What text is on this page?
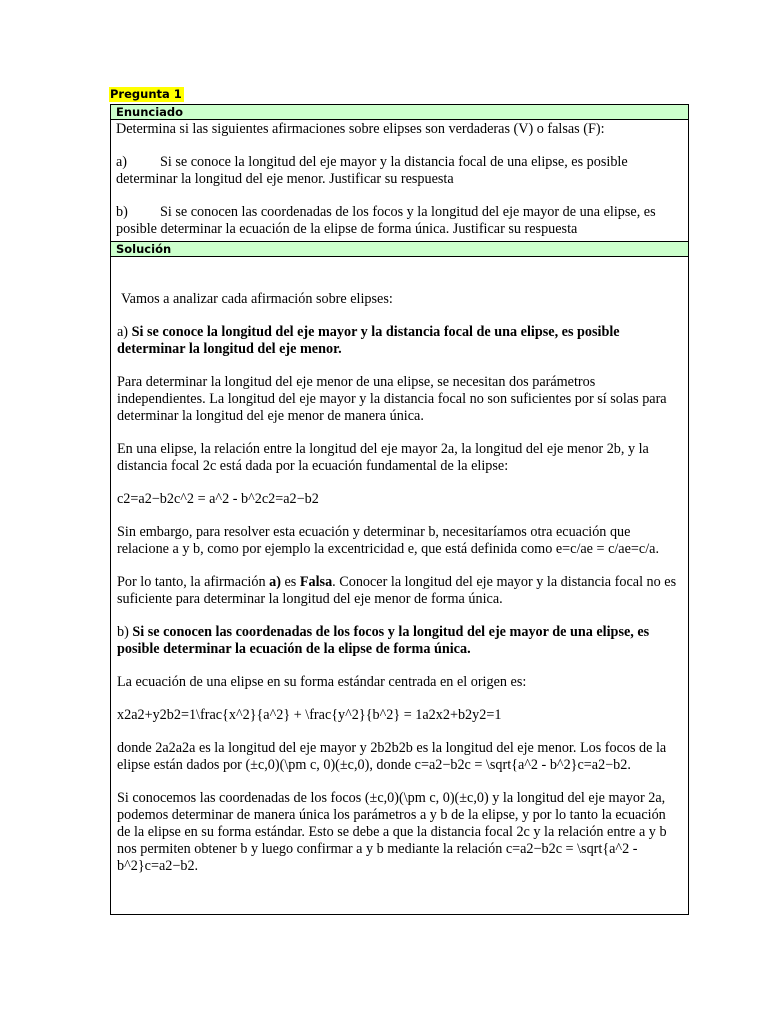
Pregunta 1
Enunciado

Determina si las siguientes afirmaciones sobre elipses son verdaderas (V) o falsas (F):

a) Si se conoce la longitud del eje mayor y la distancia focal de una elipse, es posible determinar la longitud del eje menor. Justificar su respuesta

b) Si se conocen las coordenadas de los focos y la longitud del eje mayor de una elipse, es posible determinar la ecuación de la elipse de forma única. Justificar su respuesta

Solución

Vamos a analizar cada afirmación sobre elipses:

a) Si se conoce la longitud del eje mayor y la distancia focal de una elipse, es posible determinar la longitud del eje menor.

Para determinar la longitud del eje menor de una elipse, se necesitan dos parámetros independientes. La longitud del eje mayor y la distancia focal no son suficientes por sí solas para determinar la longitud del eje menor de manera única.

En una elipse, la relación entre la longitud del eje mayor 2a, la longitud del eje menor 2b, y la distancia focal 2c está dada por la ecuación fundamental de la elipse:

c2=a2−b2c^2 = a^2 - b^2c2=a2−b2

Sin embargo, para resolver esta ecuación y determinar b, necesitaríamos otra ecuación que relacione a y b, como por ejemplo la excentricidad e, que está definida como e=c/ae = c/ae=c/a.

Por lo tanto, la afirmación a) es Falsa. Conocer la longitud del eje mayor y la distancia focal no es suficiente para determinar la longitud del eje menor de forma única.

b) Si se conocen las coordenadas de los focos y la longitud del eje mayor de una elipse, es posible determinar la ecuación de la elipse de forma única.

La ecuación de una elipse en su forma estándar centrada en el origen es:

x2a2+y2b2=1\frac{x^2}{a^2} + \frac{y^2}{b^2} = 1a2x2+b2y2=1

donde 2a2a2a es la longitud del eje mayor y 2b2b2b es la longitud del eje menor. Los focos de la elipse están dados por (±c,0)(\pm c, 0)(±c,0), donde c=a2−b2c = \sqrt{a^2 - b^2}c=a2−b2.

Si conocemos las coordenadas de los focos (±c,0)(\pm c, 0)(±c,0) y la longitud del eje mayor 2a, podemos determinar de manera única los parámetros a y b de la elipse, y por lo tanto la ecuación de la elipse en su forma estándar. Esto se debe a que la distancia focal 2c y la relación entre a y b nos permiten obtener b y luego confirmar a y b mediante la relación c=a2−b2c = \sqrt{a^2 - b^2}c=a2−b2.
